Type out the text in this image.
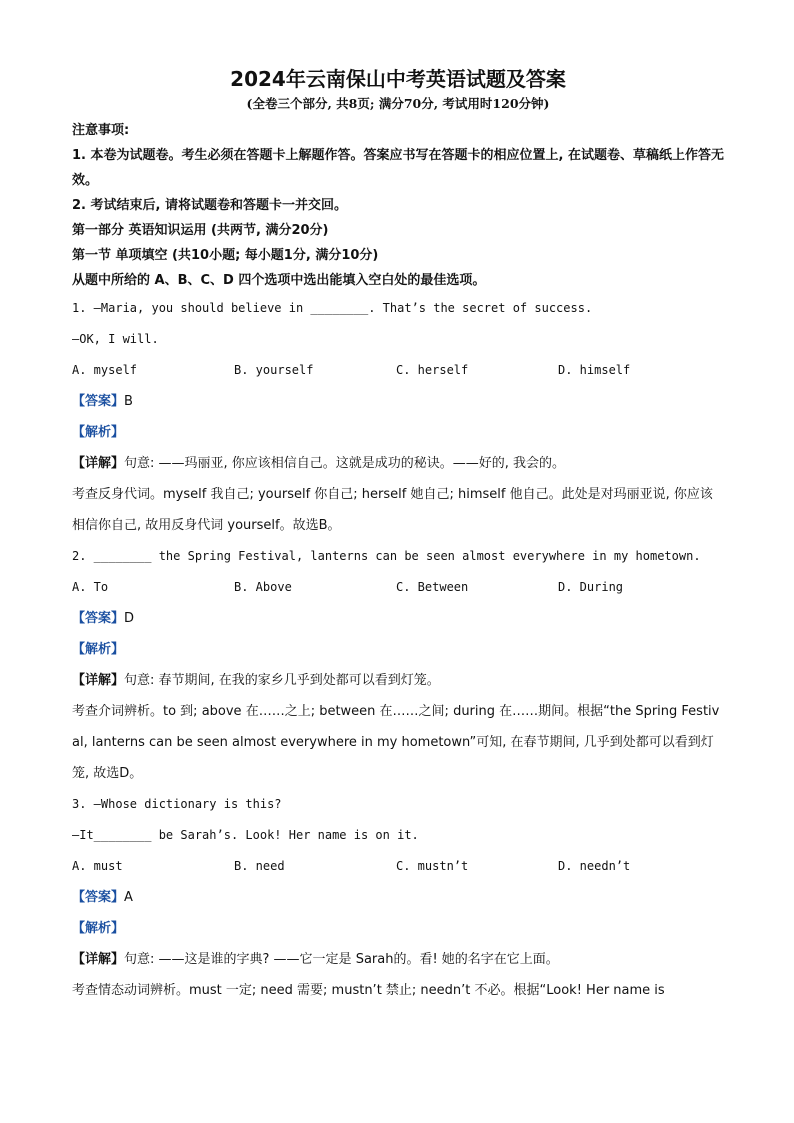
2024年云南保山中考英语试题及答案

(全卷三个部分, 共8页; 满分70分, 考试用时120分钟)

注意事项:

1. 本卷为试题卷。考生必须在答题卡上解题作答。答案应书写在答题卡的相应位置上, 在试题卷、草稿纸上作答无效。

2. 考试结束后, 请将试题卷和答题卡一并交回。

第一部分 英语知识运用 (共两节, 满分20分)

第一节 单项填空 (共10小题; 每小题1分, 满分10分)

从题中所给的 A、B、C、D 四个选项中选出能填入空白处的最佳选项。

1. —Maria, you should believe in ________. That’s the secret of success.

—OK, I will.

A. myself	B. yourself	C. herself	D. himself

【答案】B

【解析】

【详解】句意: ——玛丽亚, 你应该相信自己。这就是成功的秘诀。——好的, 我会的。

考查反身代词。myself 我自己; yourself 你自己; herself 她自己; himself 他自己。此处是对玛丽亚说, 你应该相信你自己, 故用反身代词 yourself。故选B。

2. ________ the Spring Festival, lanterns can be seen almost everywhere in my hometown.

A. To	B. Above	C. Between	D. During

【答案】D

【解析】

【详解】句意: 春节期间, 在我的家乡几乎到处都可以看到灯笼。

考查介词辨析。to 到; above 在……之上; between 在……之间; during 在……期间。根据“the Spring Festival, lanterns can be seen almost everywhere in my hometown”可知, 在春节期间, 几乎到处都可以看到灯笼, 故选D。

3. —Whose dictionary is this?

—It________ be Sarah’s. Look! Her name is on it.

A. must	B. need	C. mustn’t	D. needn’t

【答案】A

【解析】

【详解】句意: ——这是谁的字典? ——它一定是 Sarah的。看! 她的名字在它上面。

考查情态动词辨析。must 一定; need 需要; mustn’t 禁止; needn’t 不必。根据“Look! Her name is
